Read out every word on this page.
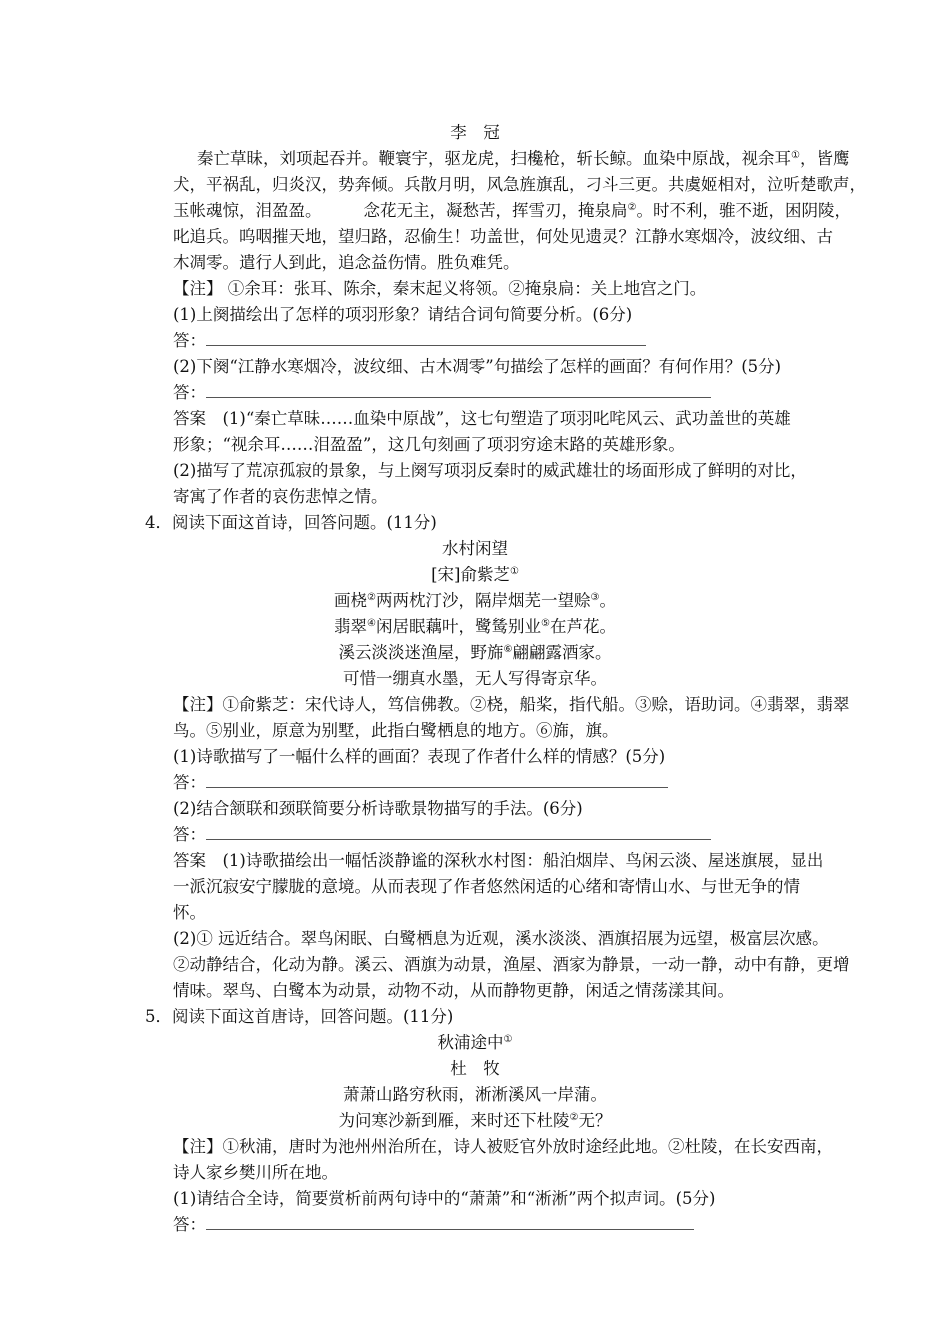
李　冠
秦亡草昧，刘项起吞并。鞭寰宇，驱龙虎，扫欃枪，斩长鲸。血染中原战，视余耳①，皆鹰
犬，平祸乱，归炎汉，势奔倾。兵散月明，风急旌旗乱，刁斗三更。共虞姬相对，泣听楚歌声，
玉帐魂惊，泪盈盈。	念花无主，凝愁苦，挥雪刃，掩泉扃②。时不利，骓不逝，困阴陵，
叱追兵。呜咽摧天地，望归路，忍偷生！功盖世，何处见遗灵？江静水寒烟冷，波纹细、古
木凋零。遣行人到此，追念益伤情。胜负难凭。
【注】 ①余耳：张耳、陈余，秦末起义将领。②掩泉扃：关上地宫之门。
(1)上阕描绘出了怎样的项羽形象？请结合词句简要分析。(6分)
答：
(2)下阕“江静水寒烟冷，波纹细、古木凋零”句描绘了怎样的画面？有何作用？(5分)
答：
答案　(1)“秦亡草昧……血染中原战”，这七句塑造了项羽叱咤风云、武功盖世的英雄
形象；“视余耳……泪盈盈”，这几句刻画了项羽穷途末路的英雄形象。
(2)描写了荒凉孤寂的景象，与上阕写项羽反秦时的威武雄壮的场面形成了鲜明的对比，
寄寓了作者的哀伤悲悼之情。
4．阅读下面这首诗，回答问题。(11分)
水村闲望
[宋]俞紫芝①
画桡②两两枕汀沙，隔岸烟芜一望赊③。
翡翠④闲居眠藕叶，鹭鸶别业⑤在芦花。
溪云淡淡迷渔屋，野旆⑥翩翩露酒家。
可惜一绷真水墨，无人写得寄京华。
【注】①俞紫芝：宋代诗人，笃信佛教。②桡，船桨，指代船。③赊，语助词。④翡翠，翡翠
鸟。⑤别业，原意为别墅，此指白鹭栖息的地方。⑥旆，旗。
(1)诗歌描写了一幅什么样的画面？表现了作者什么样的情感？(5分)
答：
(2)结合颔联和颈联简要分析诗歌景物描写的手法。(6分)
答：
答案　(1)诗歌描绘出一幅恬淡静谧的深秋水村图：船泊烟岸、鸟闲云淡、屋迷旗展，显出
一派沉寂安宁朦胧的意境。从而表现了作者悠然闲适的心绪和寄情山水、与世无争的情
怀。
(2)① 远近结合。翠鸟闲眠、白鹭栖息为近观，溪水淡淡、酒旗招展为远望，极富层次感。
②动静结合，化动为静。溪云、酒旗为动景，渔屋、酒家为静景，一动一静，动中有静，更增
情味。翠鸟、白鹭本为动景，动物不动，从而静物更静，闲适之情荡漾其间。
5．阅读下面这首唐诗，回答问题。(11分)
秋浦途中①
杜　牧
萧萧山路穷秋雨，淅淅溪风一岸蒲。
为问寒沙新到雁，来时还下杜陵②无？
【注】①秋浦，唐时为池州州治所在，诗人被贬官外放时途经此地。②杜陵，在长安西南，
诗人家乡樊川所在地。
(1)请结合全诗，简要赏析前两句诗中的“萧萧”和“淅淅”两个拟声词。(5分)
答：
